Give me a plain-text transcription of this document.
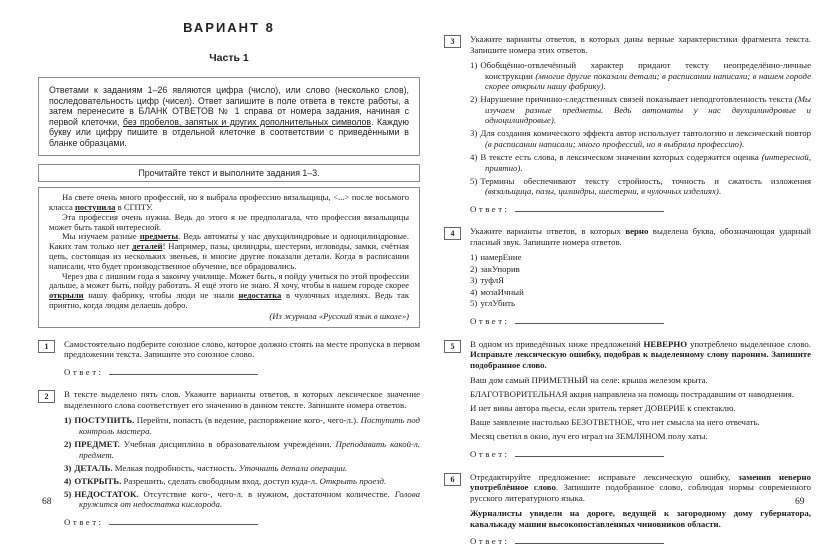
ВАРИАНТ 8
Часть 1
Ответами к заданиям 1–26 являются цифра (число), или слово (несколько слов), последовательность цифр (чисел). Ответ запишите в поле ответа в тексте работы, а затем перенесите в БЛАНК ОТВЕТОВ № 1 справа от номера задания, начиная с первой клеточки, без пробелов, запятых и других дополнительных символов. Каждую букву или цифру пишите в отдельной клеточке в соответствии с приведёнными в бланке образцами.
Прочитайте текст и выполните задания 1–3.

На свете очень много профессий, но я выбрала профессию вязальщицы, <...> после восьмого класса поступила в СГПТУ.

Эта профессия очень нужна. Ведь до этого я не предполагала, что профессия вязальщицы может быть такой интересной.

Мы изучаем разные предметы. Ведь автоматы у нас двухцилиндровые и одноцилиндровые. Каких там только нет деталей! Например, пазы, цилиндры, шестерни, игловоды, замки, счётная цепь, состоящая из нескольких звеньев, и многие другие показали детали. Когда в расписании написали, что будет производственное обучение, все обрадовались.

Через два с лишним года я закончу училище. Может быть, я пойду учиться по этой профессии дальше, а может быть, пойду работать. Я ещё этого не знаю. Я хочу, чтобы в нашем городе скорее открыли нашу фабрику, чтобы люди не знали недостатка в чулочных изделиях. Ведь так приятно, когда людям делаешь добро.

(Из журнала «Русский язык в школе»)
1	Самостоятельно подберите союзное слово, которое должно стоять на месте пропуска в первом предложении текста. Запишите это союзное слово.

Ответ:	.
2	В тексте выделено пять слов. Укажите варианты ответов, в которых лексическое значение выделенного слова соответствует его значению в данном тексте. Запишите номера ответов.

1) ПОСТУПИТЬ. Перейти, попасть (в ведение, распоряжение кого-, чего-л.). Поступить под контроль мастера.
2) ПРЕДМЕТ. Учебная дисциплина в образовательном учреждении. Преподавать какой-л. предмет.
3) ДЕТАЛЬ. Мелкая подробность, частность. Уточнить детали операции.
4) ОТКРЫТЬ. Разрешить, сделать свободным вход, доступ куда-л. Открыть проезд.
5) НЕДОСТАТОК. Отсутствие кого-, чего-л. в нужном, достаточном количестве. Голова кружится от недостатка кислорода.
Ответ:	.
3	Укажите варианты ответов, в которых даны верные характеристики фрагмента текста. Запишите номера этих ответов.

1) Обобщённо-отвлечённый характер придают тексту неопределённо-личные конструкции (многие другие показали детали; в расписании написали; в нашем городе скорее открыли нашу фабрику).
2) Нарушение причинно-следственных связей показывает неподготовленность текста (Мы изучаем разные предметы. Ведь автоматы у нас двухцилиндровые и одноцилиндровые).
3) Для создания комического эффекта автор использует тавтологию и лексический повтор (в расписании написали; много профессий, но я выбрала профессию).
4) В тексте есть слова, в лексическом значении которых содержится оценка (интересной, приятно).
5) Термины обеспечивают тексту стройность, точность и сжатость изложения (вязальщица, пазы, цилиндры, шестерни, в чулочных изделиях).
Ответ:	.
4	Укажите варианты ответов, в которых верно выделена буква, обозначающая ударный гласный звук. Запишите номера ответов.

1) намерЕние
2) закУпорив
3) туфлЯ
4) мозаИчный
5) углУбить
Ответ:	.
5	В одном из приведённых ниже предложений НЕВЕРНО употреблено выделенное слово. Исправьте лексическую ошибку, подобрав к выделенному слову пароним. Запишите подобранное слово.

Ваш дом самый ПРИМЕТНЫЙ на селе: крыша железом крыта.

БЛАГОТВОРИТЕЛЬНАЯ акция направлена на помощь пострадавшим от наводнения.

И нет вины автора пьесы, если зритель теряет ДОВЕРИЕ к спектаклю.

Ваше заявление настолько БЕЗОТВЕТНОЕ, что нет смысла на него отвечать.

Месяц светил в окно, луч его играл на ЗЕМЛЯНОМ полу хаты.

Ответ:	.
6	Отредактируйте предложение: исправьте лексическую ошибку, заменив неверно употреблённое слово. Запишите подобранное слово, соблюдая нормы современного русского литературного языка.

Журналисты увидели на дороге, ведущей к загородному дому губернатора, кавалькаду машин высокопоставленных чиновников области.

Ответ:	.
68	69
